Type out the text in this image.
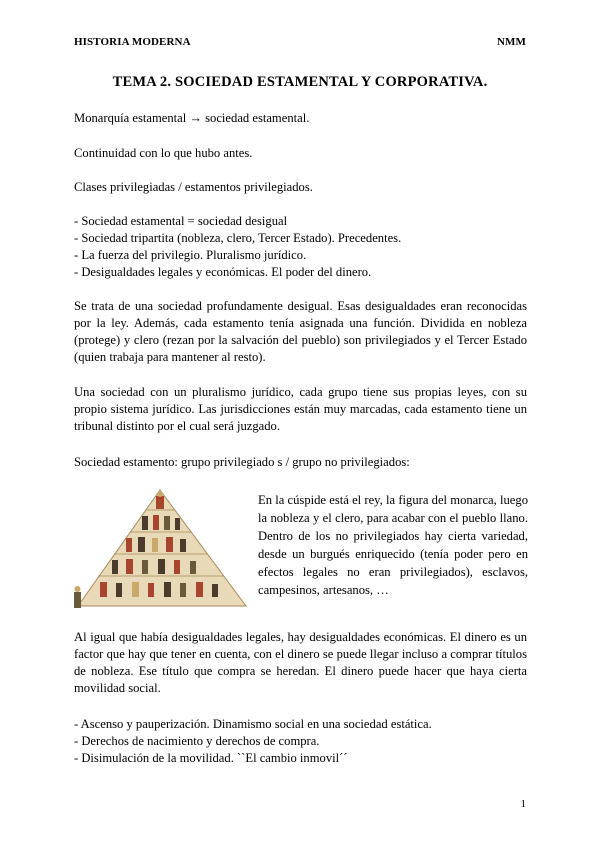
HISTORIA MODERNA	NMM
TEMA 2. SOCIEDAD ESTAMENTAL Y CORPORATIVA.
Monarquía estamental → sociedad estamental.
Continuidad con lo que hubo antes.
Clases privilegiadas / estamentos privilegiados.
- Sociedad estamental = sociedad desigual
- Sociedad tripartita (nobleza, clero, Tercer Estado). Precedentes.
- La fuerza del privilegio. Pluralismo jurídico.
- Desigualdades legales y económicas. El poder del dinero.
Se trata de una sociedad profundamente desigual. Esas desigualdades eran reconocidas por la ley. Además, cada estamento tenía asignada una función. Dividida en nobleza (protege) y clero (rezan por la salvación del pueblo) son privilegiados y el Tercer Estado (quien trabaja para mantener al resto).
Una sociedad con un pluralismo jurídico, cada grupo tiene sus propias leyes, con su propio sistema jurídico. Las jurisdicciones están muy marcadas, cada estamento tiene un tribunal distinto por el cual será juzgado.
Sociedad estamento: grupo privilegiado s / grupo no privilegiados:
En la cúspide está el rey, la figura del monarca, luego la nobleza y el clero, para acabar con el pueblo llano. Dentro de los no privilegiados hay cierta variedad, desde un burgués enriquecido (tenía poder pero en efectos legales no eran privilegiados), esclavos, campesinos, artesanos, …
Al igual que había desigualdades legales, hay desigualdades económicas. El dinero es un factor que hay que tener en cuenta, con el dinero se puede llegar incluso a comprar títulos de nobleza. Ese título que compra se heredan. El dinero puede hacer que haya cierta movilidad social.
- Ascenso y pauperización. Dinamismo social en una sociedad estática.
- Derechos de nacimiento y derechos de compra.
- Disimulación de la movilidad. ``El cambio inmovil´´
1
